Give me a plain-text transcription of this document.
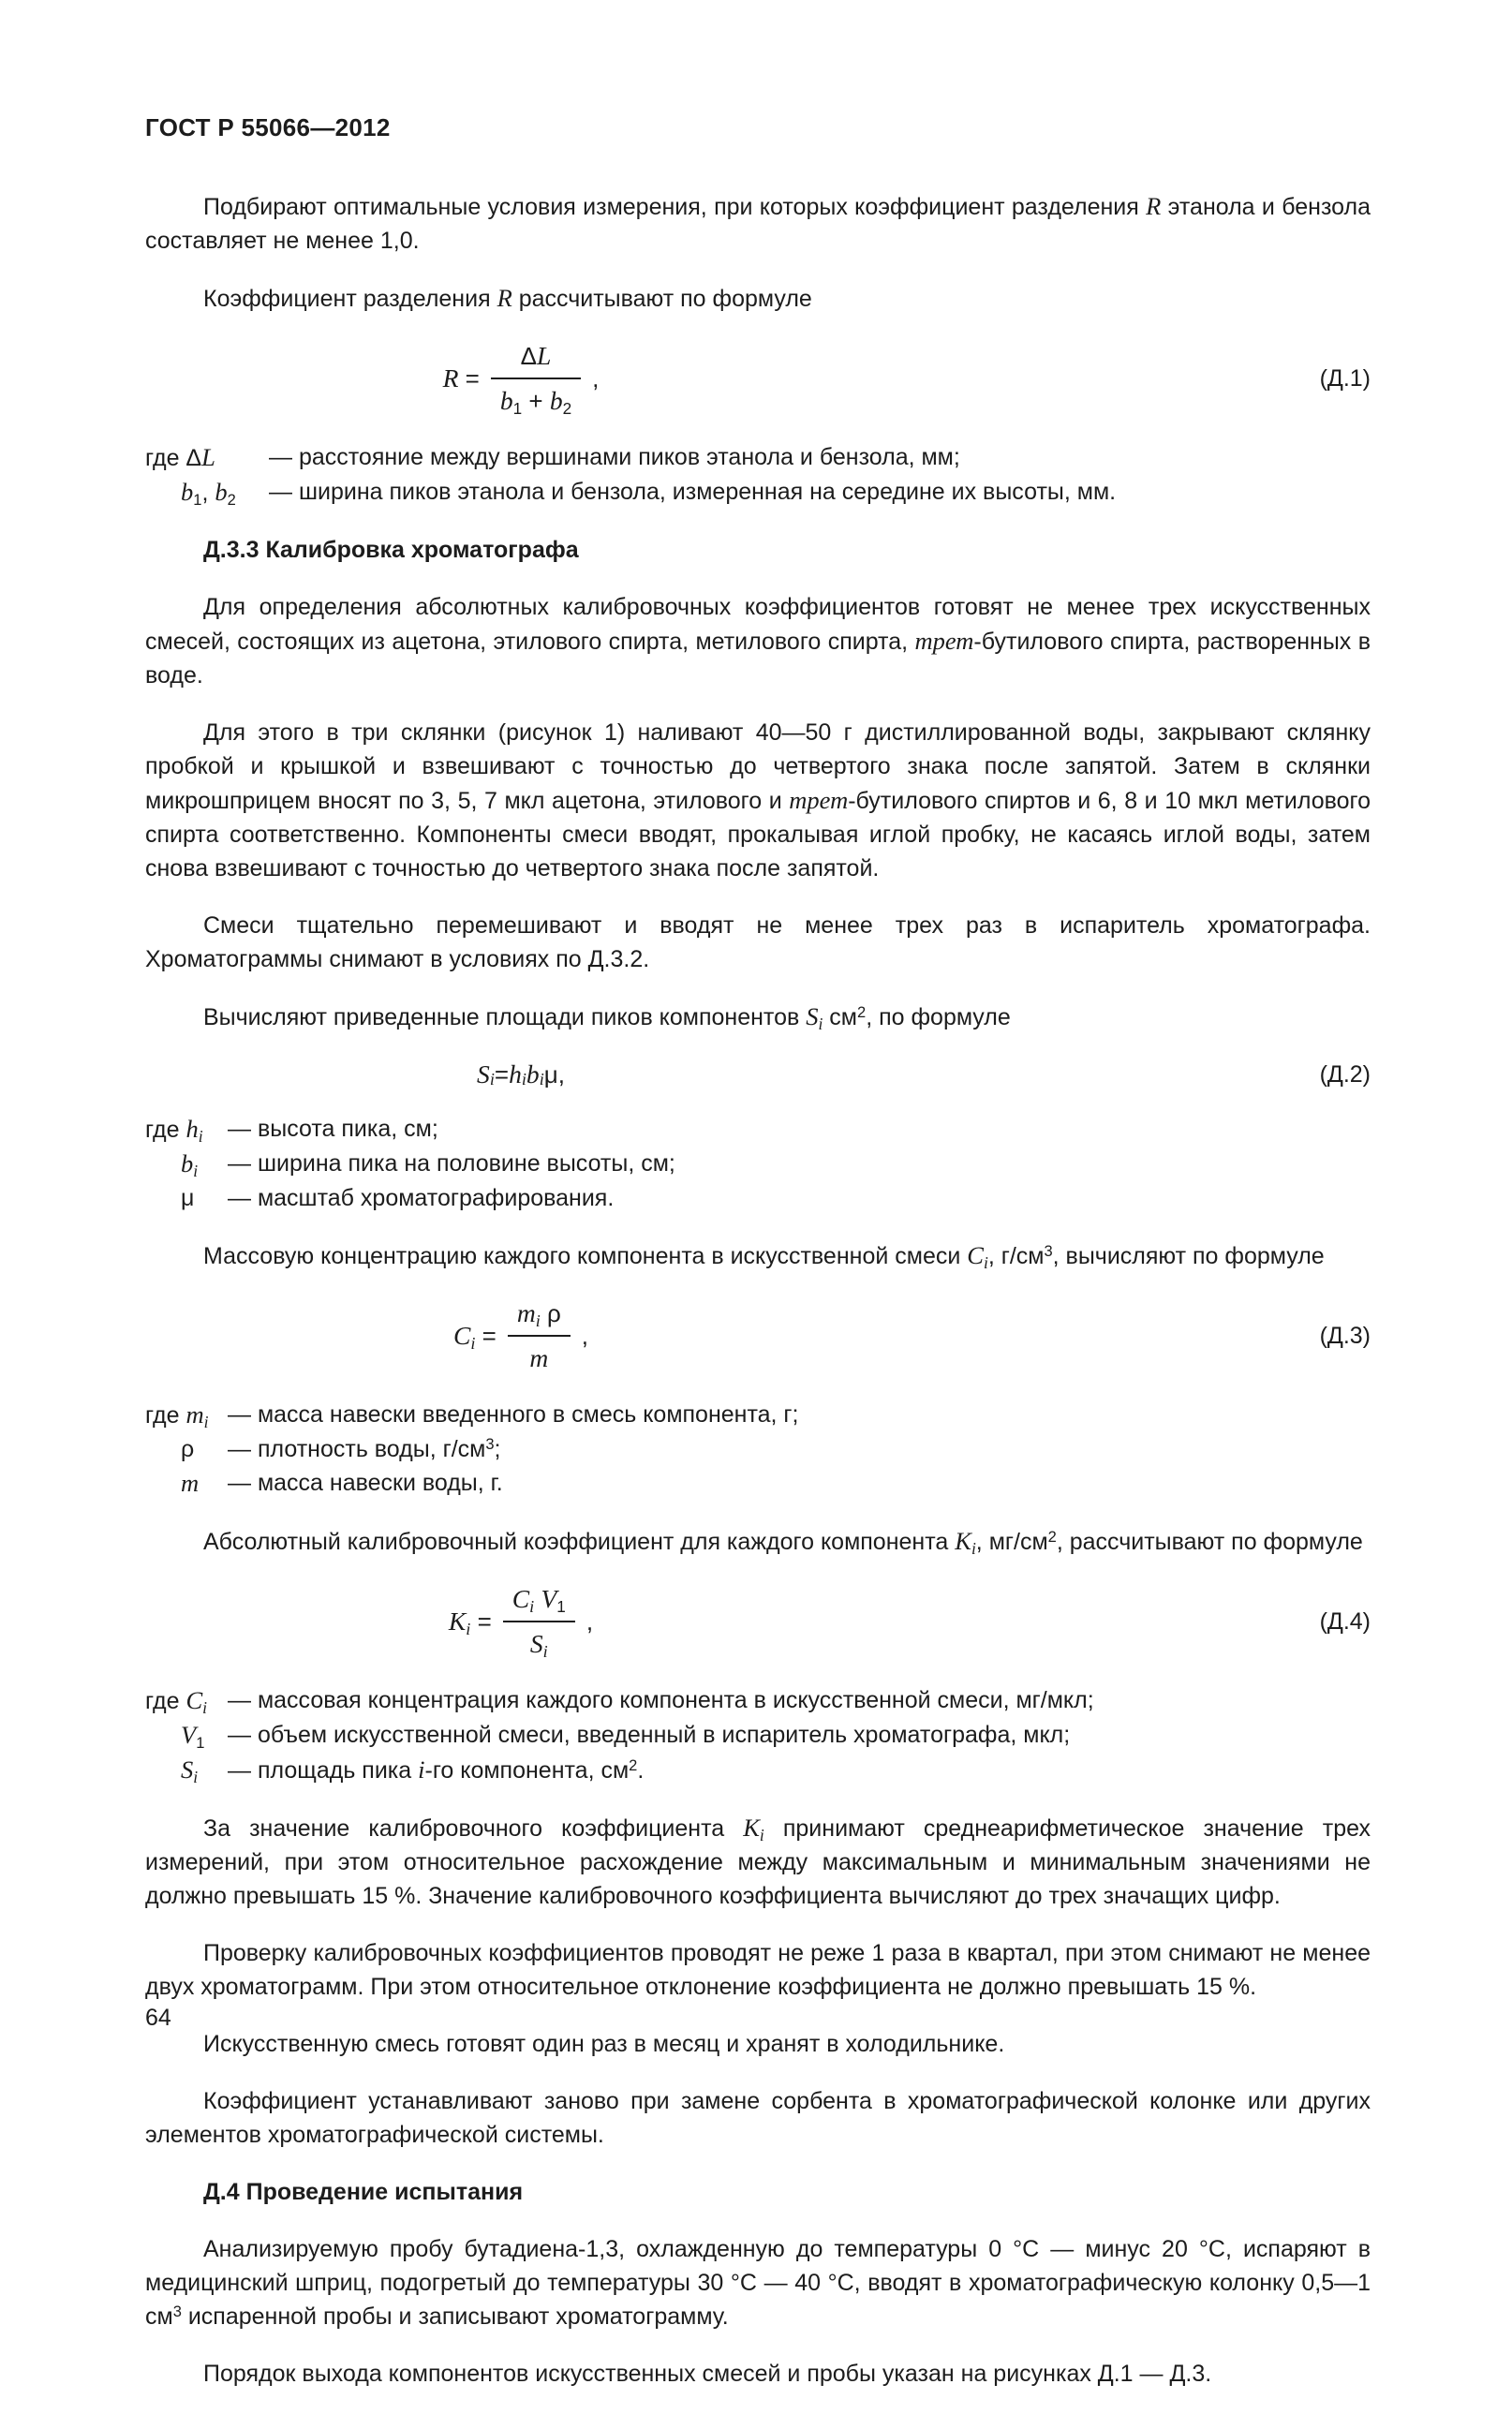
ГОСТ Р 55066—2012

Подбирают оптимальные условия измерения, при которых коэффициент разделения R этанола и бензола составляет не менее 1,0.

Коэффициент разделения R рассчитывают по формуле

$R = \frac{\Delta L}{b_1 + b_2}$ ,	(Д.1)
где ΔL	— расстояние между вершинами пиков этанола и бензола, мм;
$b_1$, $b_2$	— ширина пиков этанола и бензола, измеренная на середине их высоты, мм.

Д.3.3 Калибровка хроматографа

Для определения абсолютных калибровочных коэффициентов готовят не менее трех искусственных смесей, состоящих из ацетона, этилового спирта, метилового спирта, трет-бутилового спирта, растворенных в воде.

Для этого в три склянки (рисунок 1) наливают 40—50 г дистиллированной воды, закрывают склянку пробкой и крышкой и взвешивают с точностью до четвертого знака после запятой. Затем в склянки микрошприцем вносят по 3, 5, 7 мкл ацетона, этилового и трет-бутилового спиртов и 6, 8 и 10 мкл метилового спирта соответственно. Компоненты смеси вводят, прокалывая иглой пробку, не касаясь иглой воды, затем снова взвешивают с точностью до четвертого знака после запятой.

Смеси тщательно перемешивают и вводят не менее трех раз в испаритель хроматографа. Хроматограммы снимают в условиях по Д.3.2.

Вычисляют приведенные площади пиков компонентов $S_i$ $см^2$, по формуле

S $_i$ = h $_i$ b $_i$ μ,	(Д.2)
где $h_i$	— высота пика, см;
$b_i$	— ширина пика на половине высоты, см;
μ	— масштаб хроматографирования.

Массовую концентрацию каждого компонента в искусственной смеси $C_i$, $г/см^3$, вычисляют по формуле

$C_i = \frac{m_i \rho}{m}$ ,	(Д.3)
где $m_i$ — масса навески введенного в смесь компонента, г;
ρ	— плотность воды, $г/см^3$;
m	— масса навески воды, г.

Абсолютный калибровочный коэффициент для каждого компонента $K_i$, $мг/см^2$, рассчитывают по формуле

$K_i = \frac{C_i V_1}{S_i}$ ,	(Д.4)
где $C_i$ — массовая концентрация каждого компонента в искусственной смеси, мг/мкл;
$V_1$ — объем искусственной смеси, введенный в испаритель хроматографа, мкл;
$S_i$	— площадь пика i-го компонента, $см^2$.

За значение калибровочного коэффициента $K_i$ принимают среднеарифметическое значение трех измерений, при этом относительное расхождение между максимальным и минимальным значениями не должно превышать 15 %. Значение калибровочного коэффициента вычисляют до трех значащих цифр.

Проверку калибровочных коэффициентов проводят не реже 1 раза в квартал, при этом снимают не менее двух хроматограмм. При этом относительное отклонение коэффициента не должно превышать 15 %.

Искусственную смесь готовят один раз в месяц и хранят в холодильнике.

Коэффициент устанавливают заново при замене сорбента в хроматографической колонке или других элементов хроматографической системы.

Д.4 Проведение испытания

Анализируемую пробу бутадиена-1,3, охлажденную до температуры 0 °С — минус 20 °С, испаряют в медицинский шприц, подогретый до температуры 30 °С — 40 °С, вводят в хроматографическую колонку 0,5—1 $см^3$ испаренной пробы и записывают хроматограмму.

Порядок выхода компонентов искусственных смесей и пробы указан на рисунках Д.1 — Д.3.

64
